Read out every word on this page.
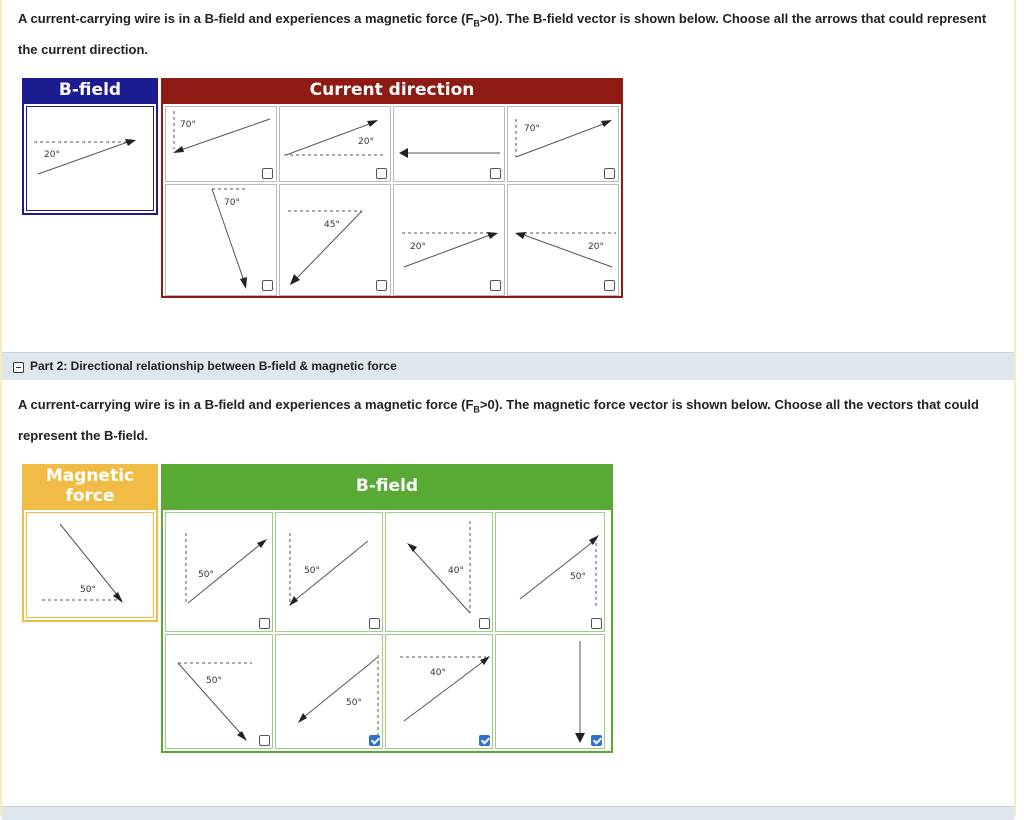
A current-carrying wire is in a B-field and experiences a magnetic force $(F_B>0)$. The B-field vector is shown below. Choose all the arrows that could represent the current direction.
B-field	Current direction
20°
70°
20°
70°
70°
45°
20°	20°
Part 2: Directional relationship between B-field & magnetic force
A current-carrying wire is in a B-field and experiences a magnetic force $(F_B>0)$. The magnetic force vector is shown below. Choose all the vectors that could represent the B-field.
Magnetic
force	B-field
50°
50°	50°	40°
50°
50°
50°
40°
